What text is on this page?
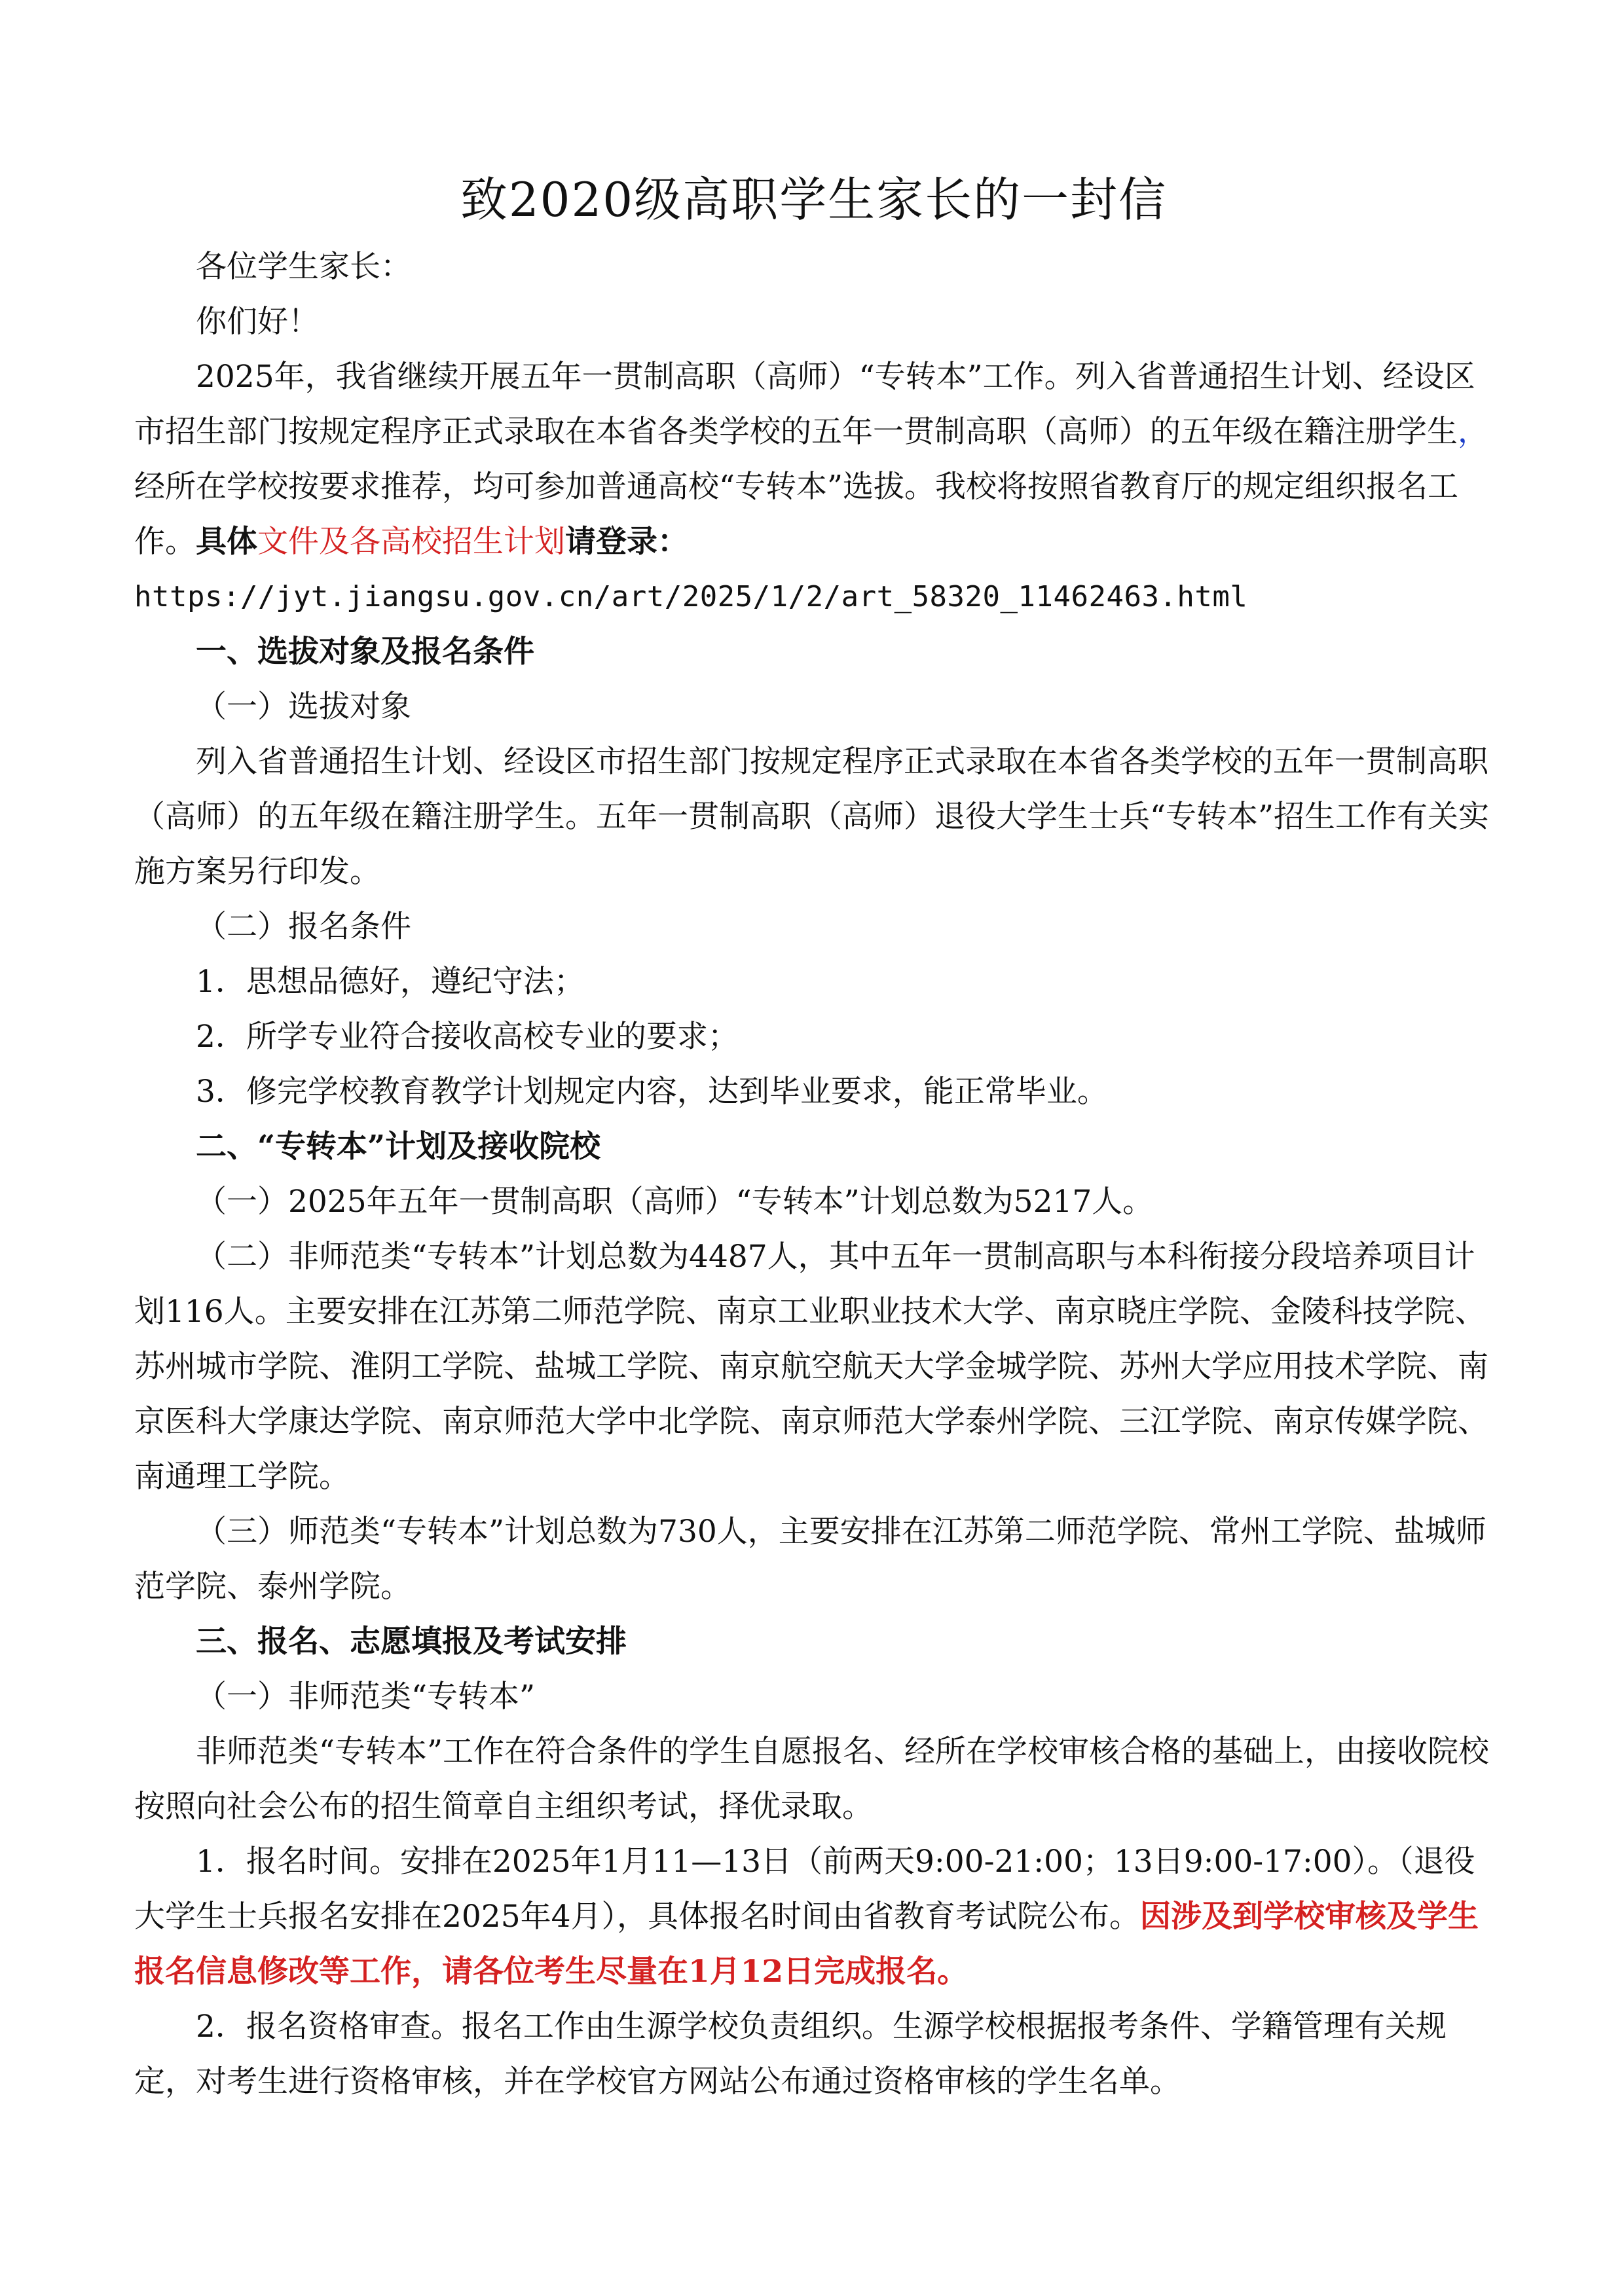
致2020级高职学生家长的一封信

各位学生家长：

你们好！

2025年，我省继续开展五年一贯制高职（高师）“专转本”工作。列入省普通招生计划、经设区市招生部门按规定程序正式录取在本省各类学校的五年一贯制高职（高师）的五年级在籍注册学生，经所在学校按要求推荐，均可参加普通高校“专转本”选拔。我校将按照省教育厅的规定组织报名工作。具体文件及各高校招生计划请登录：

https://jyt.jiangsu.gov.cn/art/2025/1/2/art_58320_11462463.html

一、选拔对象及报名条件

（一）选拔对象

列入省普通招生计划、经设区市招生部门按规定程序正式录取在本省各类学校的五年一贯制高职（高师）的五年级在籍注册学生。五年一贯制高职（高师）退役大学生士兵“专转本”招生工作有关实施方案另行印发。

（二）报名条件

1．思想品德好，遵纪守法；

2．所学专业符合接收高校专业的要求；

3．修完学校教育教学计划规定内容，达到毕业要求，能正常毕业。

二、“专转本”计划及接收院校

（一）2025年五年一贯制高职（高师）“专转本”计划总数为5217人。

（二）非师范类“专转本”计划总数为4487人，其中五年一贯制高职与本科衔接分段培养项目计划116人。主要安排在江苏第二师范学院、南京工业职业技术大学、南京晓庄学院、金陵科技学院、苏州城市学院、淮阴工学院、盐城工学院、南京航空航天大学金城学院、苏州大学应用技术学院、南京医科大学康达学院、南京师范大学中北学院、南京师范大学泰州学院、三江学院、南京传媒学院、南通理工学院。

（三）师范类“专转本”计划总数为730人，主要安排在江苏第二师范学院、常州工学院、盐城师范学院、泰州学院。

三、报名、志愿填报及考试安排

（一）非师范类“专转本”

非师范类“专转本”工作在符合条件的学生自愿报名、经所在学校审核合格的基础上，由接收院校按照向社会公布的招生简章自主组织考试，择优录取。

1．报名时间。安排在2025年1月11—13日（前两天9:00-21:00；13日9:00-17:00）。（退役大学生士兵报名安排在2025年4月），具体报名时间由省教育考试院公布。因涉及到学校审核及学生报名信息修改等工作，请各位考生尽量在1月12日完成报名。

2．报名资格审查。报名工作由生源学校负责组织。生源学校根据报考条件、学籍管理有关规定，对考生进行资格审核，并在学校官方网站公布通过资格审核的学生名单。
